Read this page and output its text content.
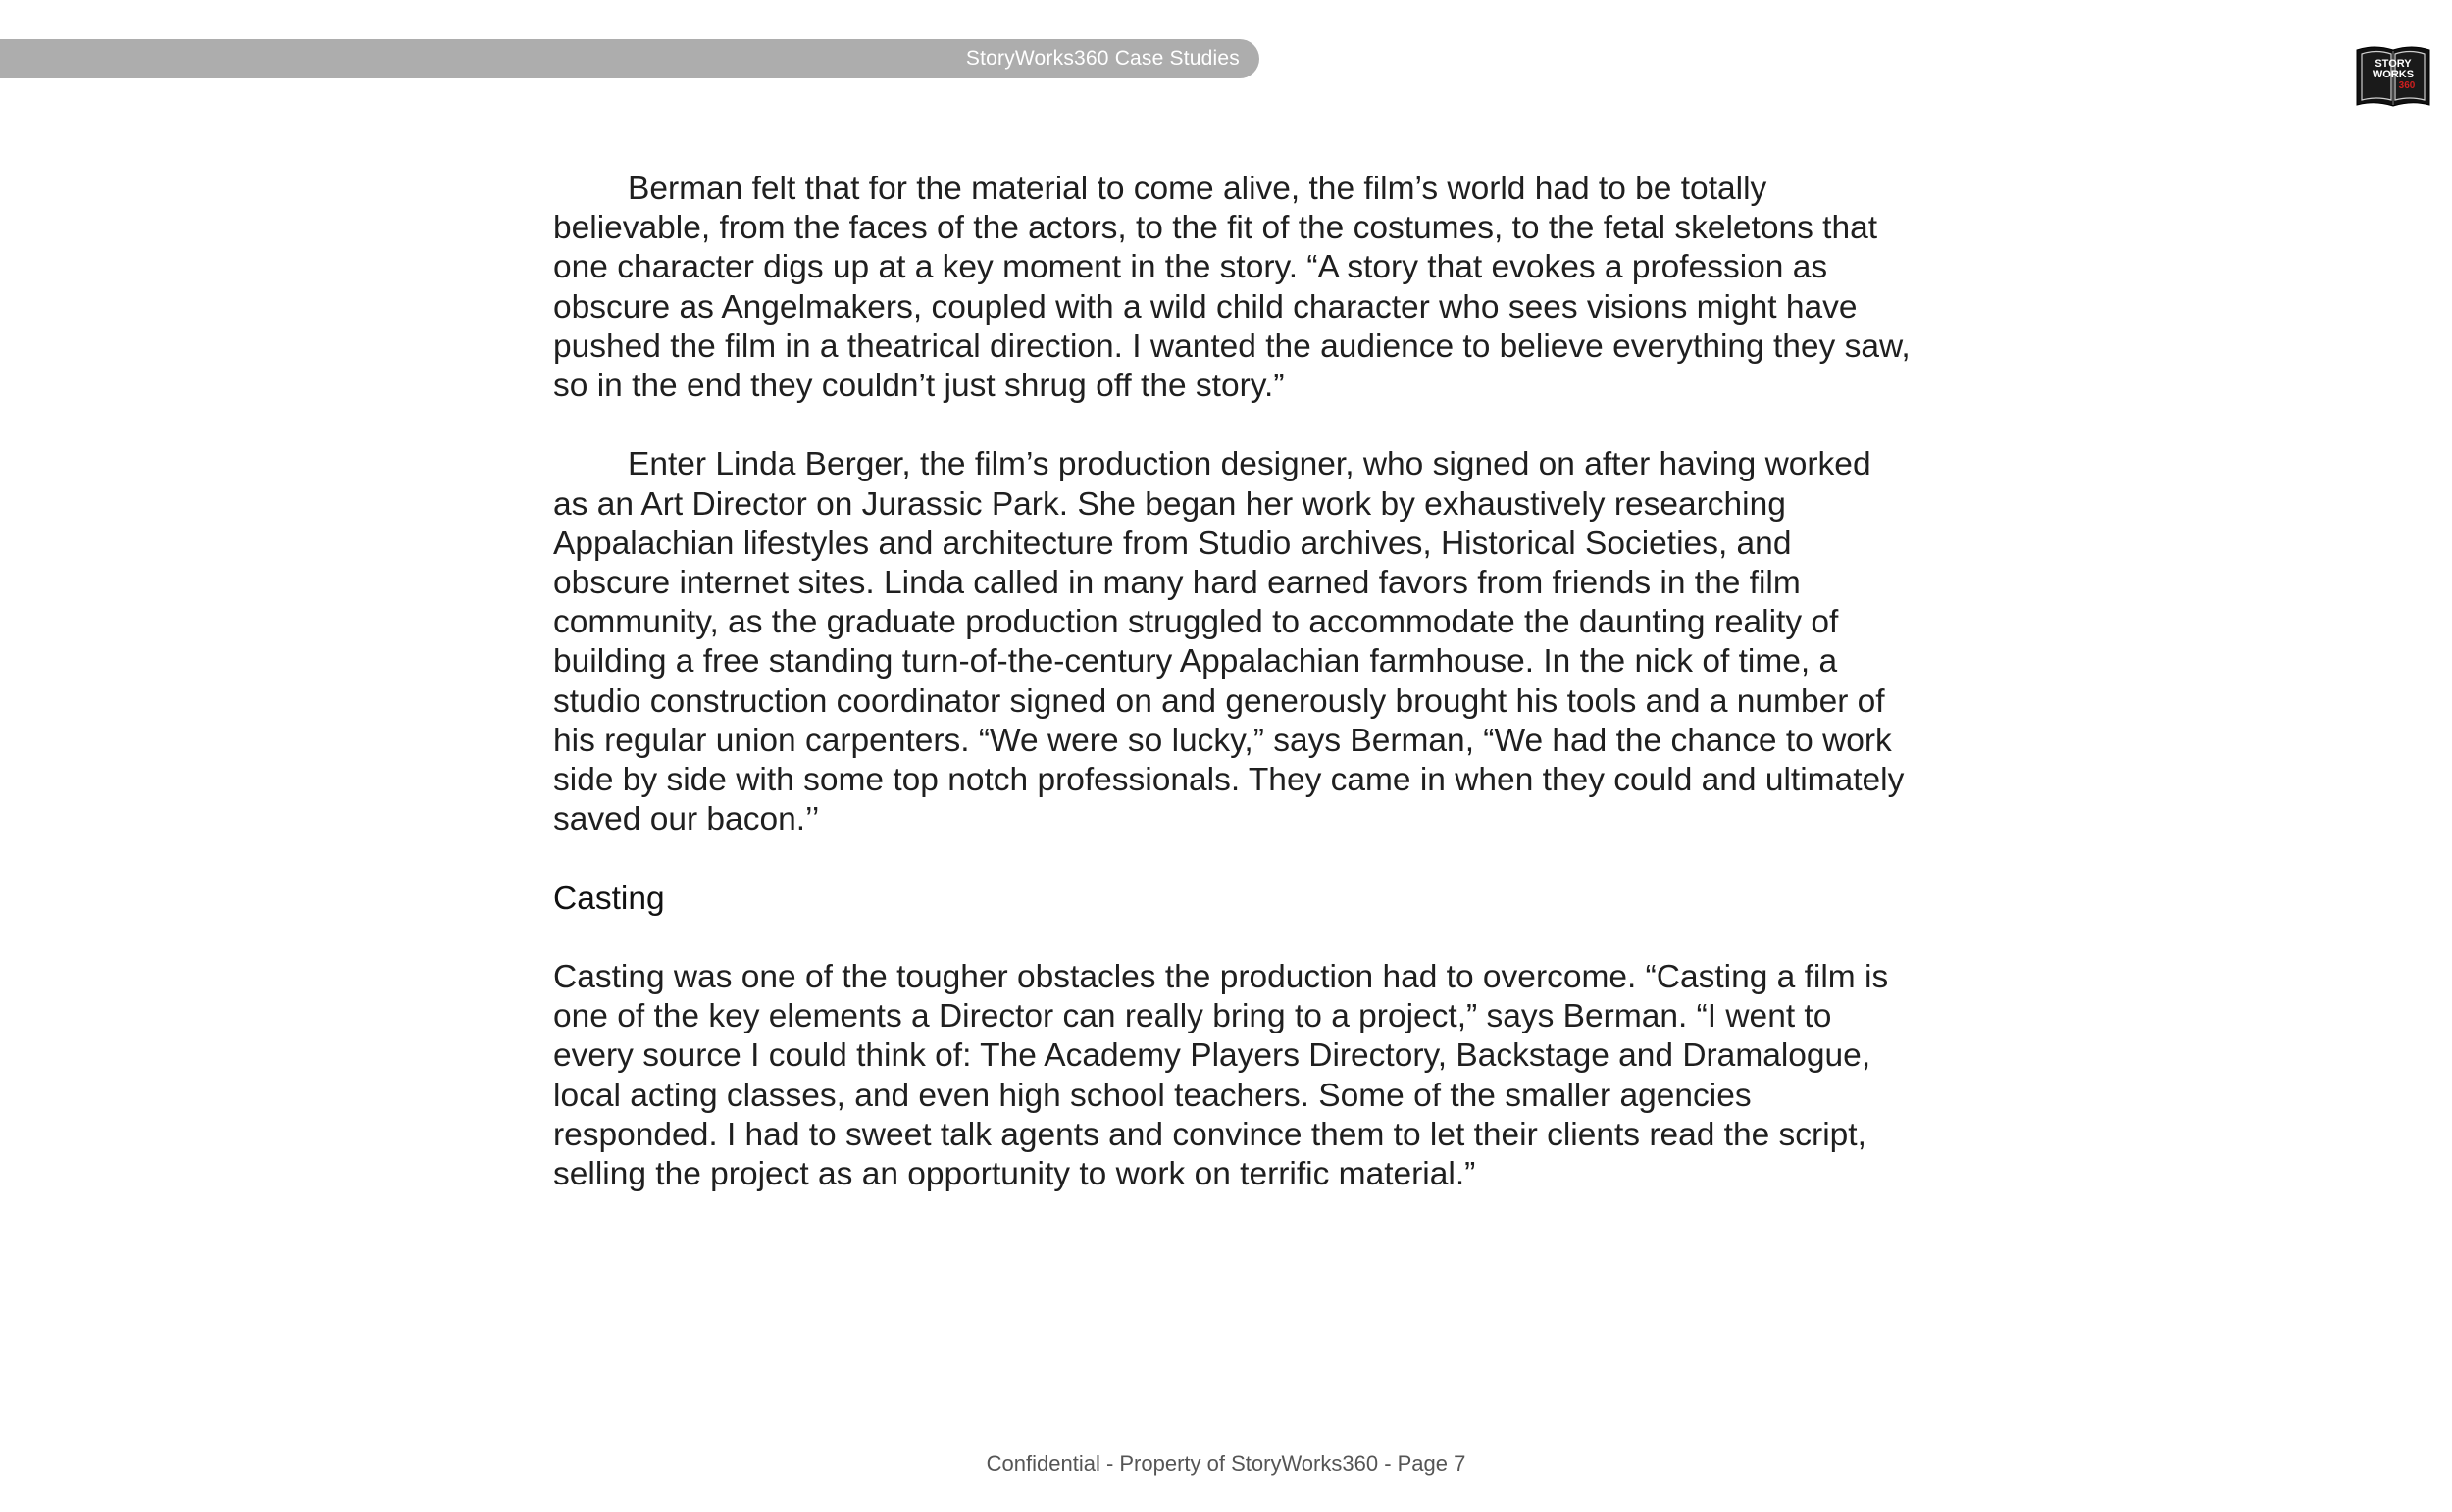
StoryWorks360 Case Studies	STORY
WORKS
360

Berman felt that for the material to come alive, the film’s world had to be totally believable, from the faces of the actors, to the fit of the costumes, to the fetal skeletons that one character digs up at a key moment in the story. “A story that evokes a profession as obscure as Angelmakers, coupled with a wild child character who sees visions might have pushed the film in a theatrical direction. I wanted the audience to believe everything they saw, so in the end they couldn’t just shrug off the story.”

Enter Linda Berger, the film’s production designer, who signed on after having worked as an Art Director on Jurassic Park. She began her work by exhaustively researching Appalachian lifestyles and architecture from Studio archives, Historical Societies, and obscure internet sites. Linda called in many hard earned favors from friends in the film community, as the graduate production struggled to accommodate the daunting reality of building a free standing turn-of-the-century Appalachian farmhouse. In the nick of time, a studio construction coordinator signed on and generously brought his tools and a number of his regular union carpenters. “We were so lucky,” says Berman, “We had the chance to work side by side with some top notch professionals. They came in when they could and ultimately saved our bacon.’’

Casting

Casting was one of the tougher obstacles the production had to overcome. “Casting a film is one of the key elements a Director can really bring to a project,” says Berman. “I went to every source I could think of: The Academy Players Directory, Backstage and Dramalogue, local acting classes, and even high school teachers. Some of the smaller agencies responded. I had to sweet talk agents and convince them to let their clients read the script, selling the project as an opportunity to work on terrific material.”

Confidential - Property of StoryWorks360 - Page 7
